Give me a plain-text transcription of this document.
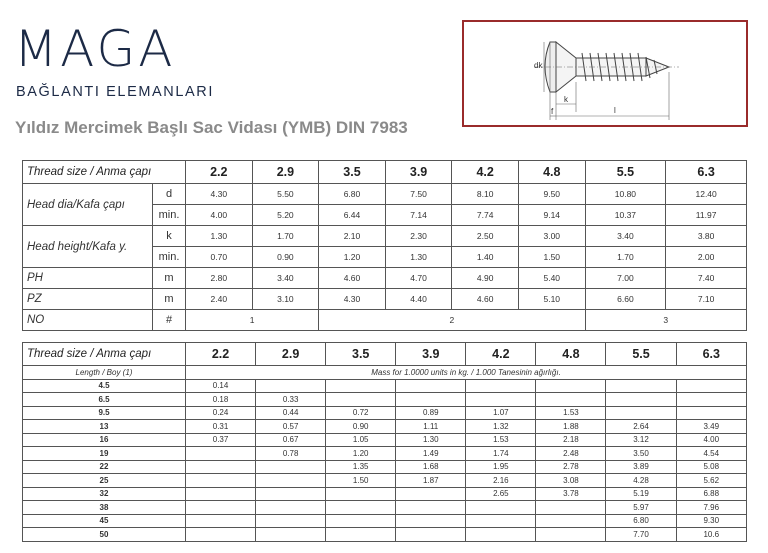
MAGA
BAĞLANTI ELEMANLARI
Yıldız Mercimek Başlı Sac Vidası (YMB) DIN 7983
dk
k
f	l
Thread size / Anma çapı		2.2	2.9	3.5	3.9	4.2	4.8	5.5	6.3
Head dia/Kafa çapı	d	4.30	5.50	6.80	7.50	8.10	9.50	10.80	12.40
	min.	4.00	5.20	6.44	7.14	7.74	9.14	10.37	11.97
Head height/Kafa y.	k	1.30	1.70	2.10	2.30	2.50	3.00	3.40	3.80
	min.	0.70	0.90	1.20	1.30	1.40	1.50	1.70	2.00
PH	m	2.80	3.40	4.60	4.70	4.90	5.40	7.00	7.40
PZ	m	2.40	3.10	4.30	4.40	4.60	5.10	6.60	7.10
NO	#	1		2				3	
Thread size / Anma çapı	2.2	2.9	3.5	3.9	4.2	4.8	5.5	6.3
Length / Boy (1)	Mass for 1.0000 units in kg. / 1.000 Tanesinin ağırlığı.							
4.5	0.14							
6.5	0.18	0.33						
9.5	0.24	0.44	0.72	0.89	1.07	1.53		
13	0.31	0.57	0.90	1.11	1.32	1.88	2.64	3.49
16	0.37	0.67	1.05	1.30	1.53	2.18	3.12	4.00
19		0.78	1.20	1.49	1.74	2.48	3.50	4.54
22			1.35	1.68	1.95	2.78	3.89	5.08
25			1.50	1.87	2.16	3.08	4.28	5.62
32					2.65	3.78	5.19	6.88
38							5.97	7.96
45							6.80	9.30
50							7.70	10.6
